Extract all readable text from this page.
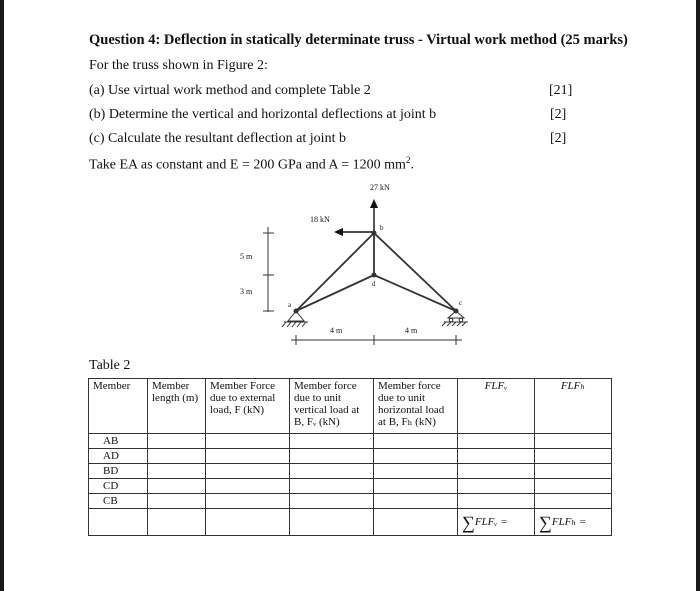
Question 4: Deflection in statically determinate truss - Virtual work method (25 marks)
For the truss shown in Figure 2:
(a) Use virtual work method and complete Table 2	[21]
(b) Determine the vertical and horizontal deflections at joint b	[2]
(c) Calculate the resultant deflection at joint b	[2]
Take EA as constant and E = 200 GPa and A = 1200 $mm^2$.
27 kN
18 kN
5 m
3 m
4 m	4 m
a
b
c
d
Table 2
Member	Member length (m)	Member Force due to external load, F (kN)	Member force due to unit vertical load at B, Fᵥ (kN)	Member force due to unit horizontal load at B, Fₕ (kN)	FLFᵥ	FLFₕ
AB						
AD						
BD						
CD						
CB						
					∑FLFᵥ =	∑FLFₕ =
